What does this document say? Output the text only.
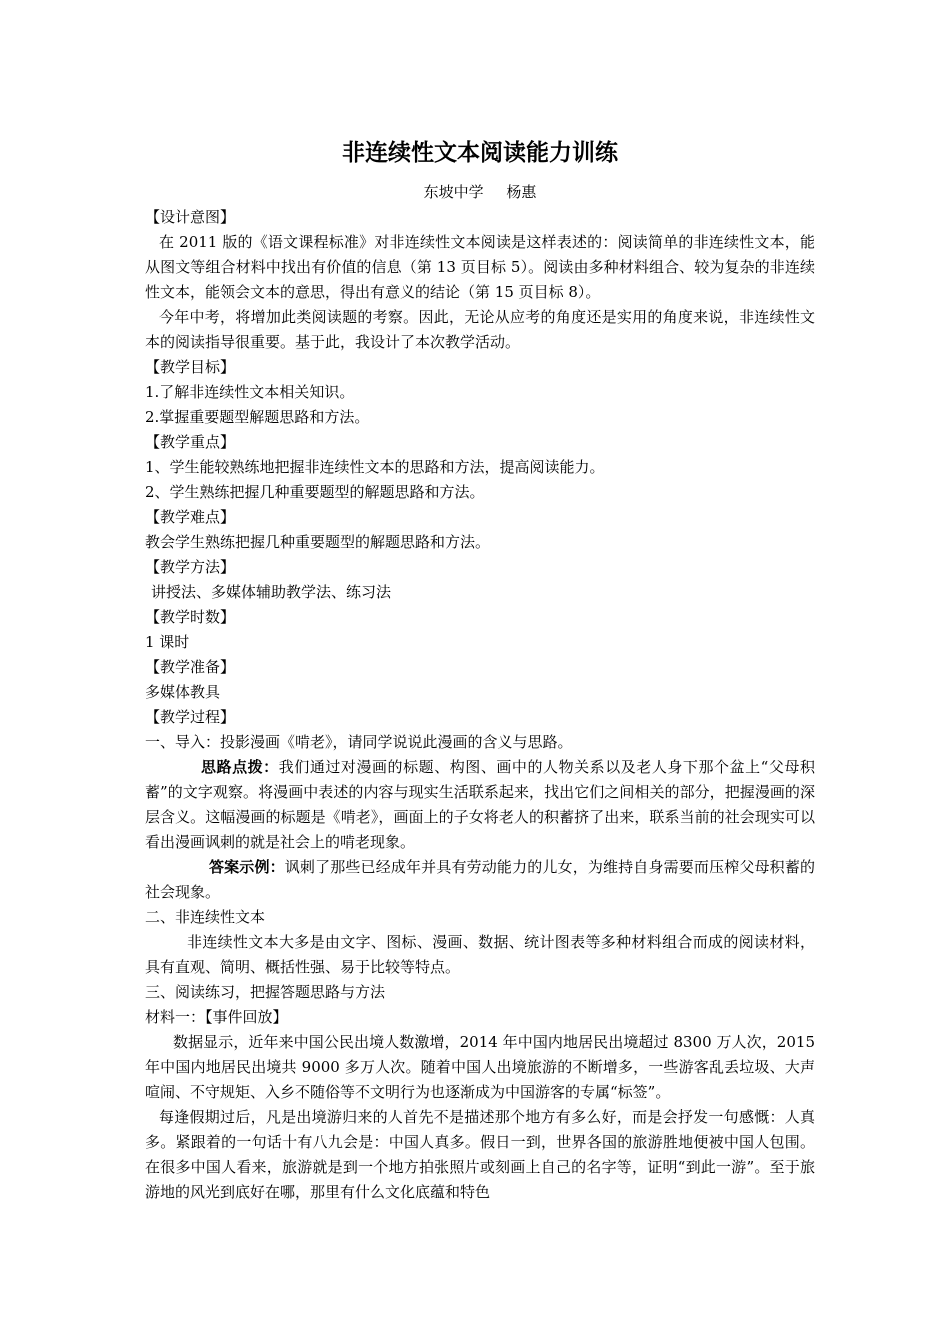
非连续性文本阅读能力训练
东坡中学 杨惠

【设计意图】

在 2011 版的《语文课程标准》对非连续性文本阅读是这样表述的：阅读简单的非连续性文本，能从图文等组合材料中找出有价值的信息（第 13 页目标 5）。阅读由多种材料组合、较为复杂的非连续性文本，能领会文本的意思，得出有意义的结论（第 15 页目标 8）。

今年中考，将增加此类阅读题的考察。因此，无论从应考的角度还是实用的角度来说，非连续性文本的阅读指导很重要。基于此，我设计了本次教学活动。

【教学目标】

1.了解非连续性文本相关知识。

2.掌握重要题型解题思路和方法。

【教学重点】

1、学生能较熟练地把握非连续性文本的思路和方法，提高阅读能力。

2、学生熟练把握几种重要题型的解题思路和方法。

【教学难点】

教会学生熟练把握几种重要题型的解题思路和方法。

【教学方法】

讲授法、多媒体辅助教学法、练习法

【教学时数】

1 课时

【教学准备】

多媒体教具

【教学过程】

一、导入：投影漫画《啃老》，请同学说说此漫画的含义与思路。

思路点拨：我们通过对漫画的标题、构图、画中的人物关系以及老人身下那个盆上“父母积蓄”的文字观察。将漫画中表述的内容与现实生活联系起来，找出它们之间相关的部分，把握漫画的深层含义。这幅漫画的标题是《啃老》，画面上的子女将老人的积蓄挤了出来，联系当前的社会现实可以看出漫画讽刺的就是社会上的啃老现象。

答案示例：讽刺了那些已经成年并具有劳动能力的儿女，为维持自身需要而压榨父母积蓄的社会现象。

二、非连续性文本

非连续性文本大多是由文字、图标、漫画、数据、统计图表等多种材料组合而成的阅读材料，具有直观、简明、概括性强、易于比较等特点。

三、阅读练习，把握答题思路与方法

材料一：【事件回放】

数据显示，近年来中国公民出境人数激增，2014 年中国内地居民出境超过 8300 万人次，2015 年中国内地居民出境共 9000 多万人次。随着中国人出境旅游的不断增多，一些游客乱丢垃圾、大声喧闹、不守规矩、入乡不随俗等不文明行为也逐渐成为中国游客的专属“标签”。

每逢假期过后，凡是出境游归来的人首先不是描述那个地方有多么好，而是会抒发一句感慨：人真多。紧跟着的一句话十有八九会是：中国人真多。假日一到，世界各国的旅游胜地便被中国人包围。在很多中国人看来，旅游就是到一个地方拍张照片或刻画上自己的名字等，证明“到此一游”。至于旅游地的风光到底好在哪，那里有什么文化底蕴和特色
